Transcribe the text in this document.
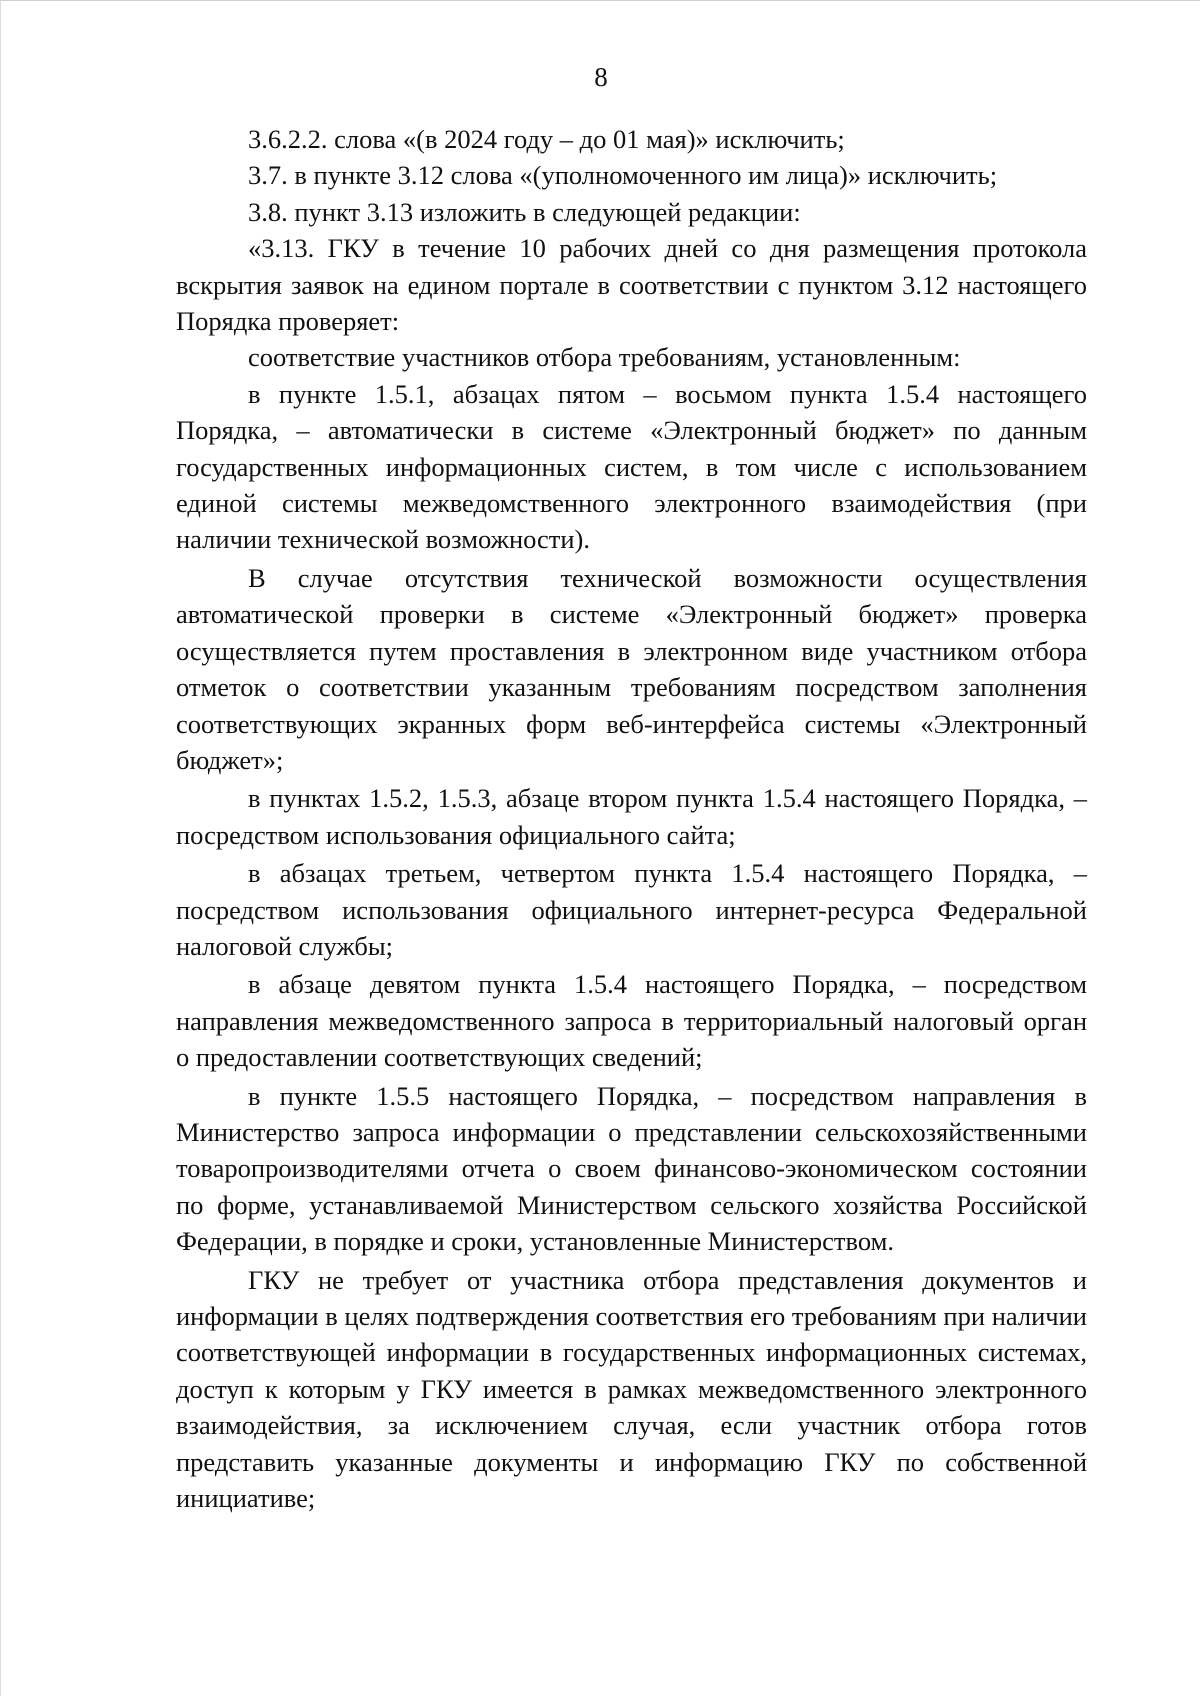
8

3.6.2.2. слова «(в 2024 году – до 01 мая)» исключить;

3.7. в пункте 3.12 слова «(уполномоченного им лица)» исключить;

3.8. пункт 3.13 изложить в следующей редакции:

«3.13. ГКУ в течение 10 рабочих дней со дня размещения протокола вскрытия заявок на едином портале в соответствии с пунктом 3.12 настоящего Порядка проверяет:

соответствие участников отбора требованиям, установленным:

в пункте 1.5.1, абзацах пятом – восьмом пункта 1.5.4 настоящего Порядка, – автоматически в системе «Электронный бюджет» по данным государственных информационных систем, в том числе с использованием единой системы межведомственного электронного взаимодействия (при наличии технической возможности).

В случае отсутствия технической возможности осуществления автоматической проверки в системе «Электронный бюджет» проверка осуществляется путем проставления в электронном виде участником отбора отметок о соответствии указанным требованиям посредством заполнения соответствующих экранных форм веб-интерфейса системы «Электронный бюджет»;

в пунктах 1.5.2, 1.5.3, абзаце втором пункта 1.5.4 настоящего Порядка, – посредством использования официального сайта;

в абзацах третьем, четвертом пункта 1.5.4 настоящего Порядка, – посредством использования официального интернет-ресурса Федеральной налоговой службы;

в абзаце девятом пункта 1.5.4 настоящего Порядка, – посредством направления межведомственного запроса в территориальный налоговый орган о предоставлении соответствующих сведений;

в пункте 1.5.5 настоящего Порядка, – посредством направления в Министерство запроса информации о представлении сельскохозяйственными товаропроизводителями отчета о своем финансово-экономическом состоянии по форме, устанавливаемой Министерством сельского хозяйства Российской Федерации, в порядке и сроки, установленные Министерством.

ГКУ не требует от участника отбора представления документов и информации в целях подтверждения соответствия его требованиям при наличии соответствующей информации в государственных информационных системах, доступ к которым у ГКУ имеется в рамках межведомственного электронного взаимодействия, за исключением случая, если участник отбора готов представить указанные документы и информацию ГКУ по собственной инициативе;
